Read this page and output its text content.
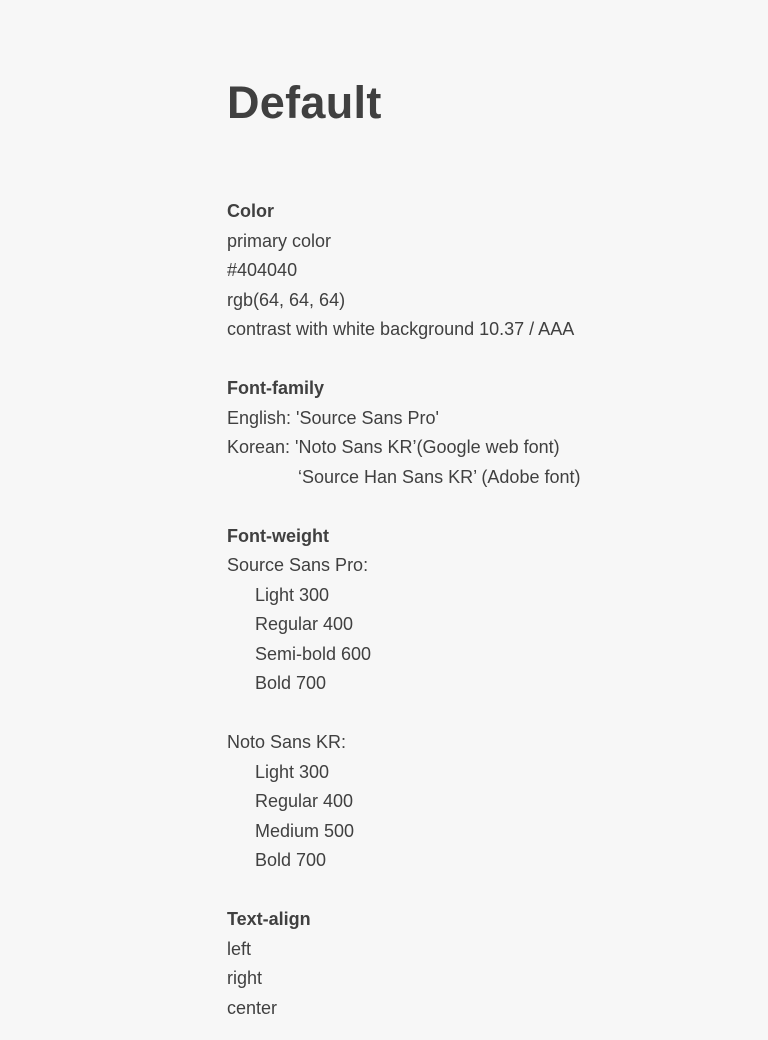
Default
Color
primary color
#404040
rgb(64, 64, 64)
contrast with white background 10.37 / AAA
Font-family
English: 'Source Sans Pro'
Korean: 'Noto Sans KR’(Google web font)
‘Source Han Sans KR’ (Adobe font)
Font-weight
Source Sans Pro:
Light 300
Regular 400
Semi-bold 600
Bold 700
Noto Sans KR:
Light 300
Regular 400
Medium 500
Bold 700
Text-align
left
right
center
